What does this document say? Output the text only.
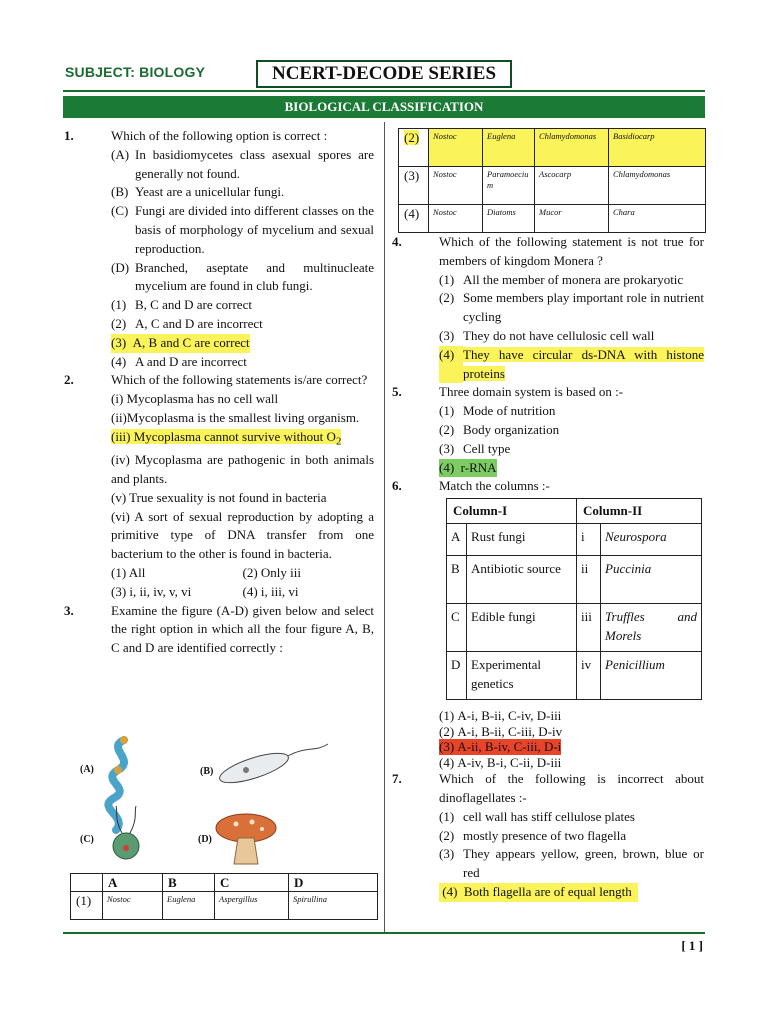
SUBJECT: BIOLOGY	NCERT-DECODE SERIES
BIOLOGICAL CLASSIFICATION
1.	Which of the following option is correct :
(A) In basidiomycetes class asexual spores are generally not found.
(B) Yeast are a unicellular fungi.
(C) Fungi are divided into different classes on the basis of morphology of mycelium and sexual reproduction.
(D) Branched, aseptate and multinucleate mycelium are found in club fungi.
(1) B, C and D are correct
(2) A, C and D are incorrect
(3) A, B and C are correct
(4) A and D are incorrect
2.	Which of the following statements is/are correct?
(i) Mycoplasma has no cell wall
(ii)Mycoplasma is the smallest living organism.
(iii) Mycoplasma cannot survive without $O_2$
(iv) Mycoplasma are pathogenic in both animals and plants.
(v) True sexuality is not found in bacteria
(vi) A sort of sexual reproduction by adopting a primitive type of DNA transfer from one bacterium to the other is found in bacteria.
(1) All	(2) Only iii
(3) i, ii, iv, v, vi	(4) i, iii, vi
3.	Examine the figure (A-D) given below and select the right option in which all the four figure A, B, C and D are identified correctly :
(A)	(B)
(C)	(D)
	A	B	C	D
(1)	Nostoc	Euglena	Aspergillus	Spirullina
(2)	Nostoc	Euglena	Chlamydomonas	Basidiocarp
(3)	Nostoc	Paramoecium	Ascocarp	Chlamydomonas
(4)	Nostoc	Diatoms	Mucor	Chara
4.	Which of the following statement is not true for members of kingdom Monera ?
(1) All the member of monera are prokaryotic
(2) Some members play important role in nutrient cycling
(3) They do not have cellulosic cell wall
(4) They have circular ds-DNA with histone proteins
5.	Three domain system is based on :-
(1) Mode of nutrition
(2) Body organization
(3) Cell type
(4) r-RNA
6.	Match the columns :-
Column-I		Column-II	
A	Rust fungi	i	Neurospora
B	Antibiotic source	ii	Puccinia
C	Edible fungi	iii	Truffles and Morels
D	Experimental genetics	iv	Penicillium
(1)
A-i, B-ii, C-iv, D-iii
(2)
A-i, B-ii, C-iii, D-iv
(3) A-ii, B-iv, C-iii, D-i
(4)
A-iv, B-i, C-ii, D-iii
7.	Which of the following is incorrect about dinoflagellates :-
(1) cell wall has stiff cellulose plates
(2) mostly presence of two flagella
(3) They appears yellow, green, brown, blue or red
(4) Both flagella are of equal length
[ 1 ]
